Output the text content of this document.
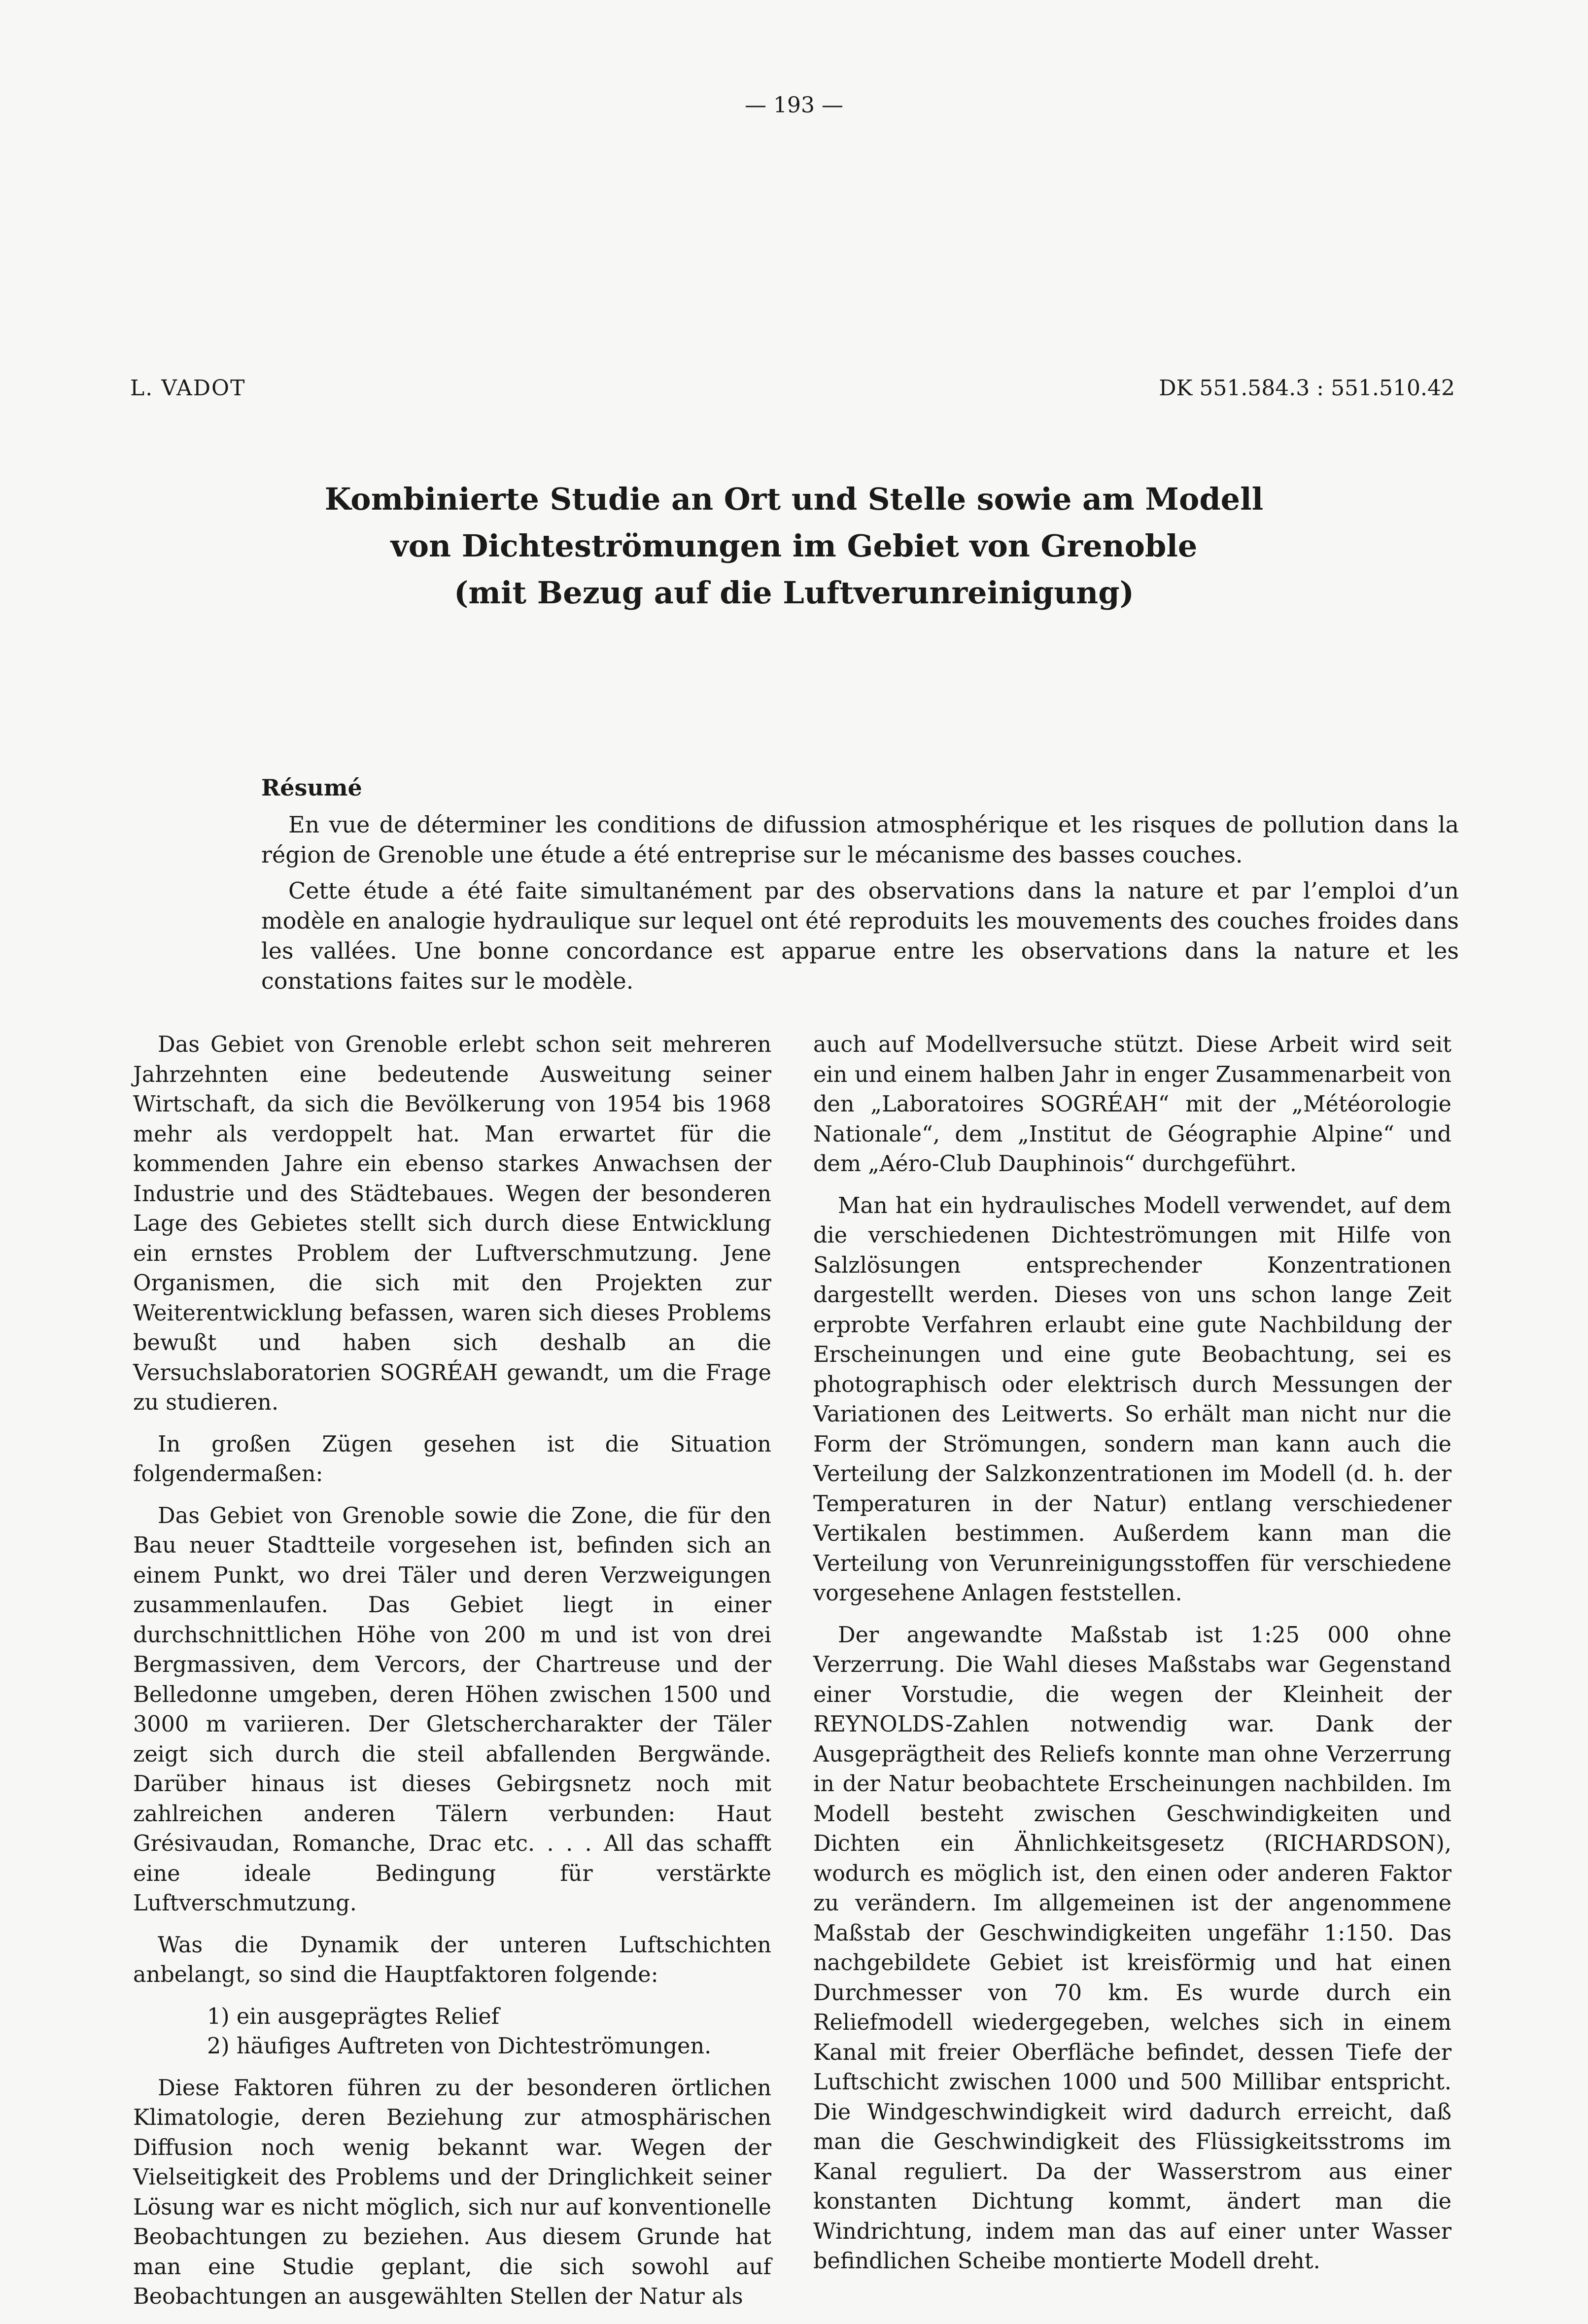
— 193 —
L. VADOT	DK 551.584.3 : 551.510.42
Kombinierte Studie an Ort und Stelle sowie am Modell
von Dichteströmungen im Gebiet von Grenoble
(mit Bezug auf die Luftverunreinigung)
Résumé

En vue de déterminer les conditions de difussion atmosphérique et les risques de pollution dans la région de Grenoble une étude a été entreprise sur le mécanisme des basses couches.

Cette étude a été faite simultanément par des observations dans la nature et par l’emploi d’un modèle en analogie hydraulique sur lequel ont été reproduits les mouvements des couches froides dans les vallées. Une bonne concordance est apparue entre les observations dans la nature et les constations faites sur le modèle.

Das Gebiet von Grenoble erlebt schon seit mehreren Jahrzehnten eine bedeutende Ausweitung seiner Wirtschaft, da sich die Bevölkerung von 1954 bis 1968 mehr als verdoppelt hat. Man erwartet für die kommenden Jahre ein ebenso starkes Anwachsen der Industrie und des Städtebaues. Wegen der besonderen Lage des Gebietes stellt sich durch diese Entwicklung ein ernstes Problem der Luftverschmutzung. Jene Organismen, die sich mit den Projekten zur Weiterentwicklung befassen, waren sich dieses Problems bewußt und haben sich deshalb an die Versuchslaboratorien SOGRÉAH gewandt, um die Frage zu studieren.

In großen Zügen gesehen ist die Situation folgendermaßen:

Das Gebiet von Grenoble sowie die Zone, die für den Bau neuer Stadtteile vorgesehen ist, befinden sich an einem Punkt, wo drei Täler und deren Verzweigungen zusammenlaufen. Das Gebiet liegt in einer durchschnittlichen Höhe von 200 m und ist von drei Bergmassiven, dem Vercors, der Chartreuse und der Belledonne umgeben, deren Höhen zwischen 1500 und 3000 m variieren. Der Gletschercharakter der Täler zeigt sich durch die steil abfallenden Bergwände. Darüber hinaus ist dieses Gebirgsnetz noch mit zahlreichen anderen Tälern verbunden: Haut Grésivaudan, Romanche, Drac etc. . . . All das schafft eine ideale Bedingung für verstärkte Luftverschmutzung.

Was die Dynamik der unteren Luftschichten anbelangt, so sind die Hauptfaktoren folgende:

1) ein ausgeprägtes Relief
2) häufiges Auftreten von Dichteströmungen.

Diese Faktoren führen zu der besonderen örtlichen Klimatologie, deren Beziehung zur atmosphärischen Diffusion noch wenig bekannt war. Wegen der Vielseitigkeit des Problems und der Dringlichkeit seiner Lösung war es nicht möglich, sich nur auf konventionelle Beobachtungen zu beziehen. Aus diesem Grunde hat man eine Studie geplant, die sich sowohl auf Beobachtungen an ausgewählten Stellen der Natur als

auch auf Modellversuche stützt. Diese Arbeit wird seit ein und einem halben Jahr in enger Zusammenarbeit von den „Laboratoires SOGRÉAH“ mit der „Météorologie Nationale“, dem „Institut de Géographie Alpine“ und dem „Aéro-Club Dauphinois“ durchgeführt.

Man hat ein hydraulisches Modell verwendet, auf dem die verschiedenen Dichteströmungen mit Hilfe von Salzlösungen entsprechender Konzentrationen dargestellt werden. Dieses von uns schon lange Zeit erprobte Verfahren erlaubt eine gute Nachbildung der Erscheinungen und eine gute Beobachtung, sei es photographisch oder elektrisch durch Messungen der Variationen des Leitwerts. So erhält man nicht nur die Form der Strömungen, sondern man kann auch die Verteilung der Salzkonzentrationen im Modell (d. h. der Temperaturen in der Natur) entlang verschiedener Vertikalen bestimmen. Außerdem kann man die Verteilung von Verunreinigungsstoffen für verschiedene vorgesehene Anlagen feststellen.

Der angewandte Maßstab ist 1:25 000 ohne Verzerrung. Die Wahl dieses Maßstabs war Gegenstand einer Vorstudie, die wegen der Kleinheit der REYNOLDS-Zahlen notwendig war. Dank der Ausgeprägtheit des Reliefs konnte man ohne Verzerrung in der Natur beobachtete Erscheinungen nachbilden. Im Modell besteht zwischen Geschwindigkeiten und Dichten ein Ähnlichkeitsgesetz (RICHARDSON), wodurch es möglich ist, den einen oder anderen Faktor zu verändern. Im allgemeinen ist der angenommene Maßstab der Geschwindigkeiten ungefähr 1:150. Das nachgebildete Gebiet ist kreisförmig und hat einen Durchmesser von 70 km. Es wurde durch ein Reliefmodell wiedergegeben, welches sich in einem Kanal mit freier Oberfläche befindet, dessen Tiefe der Luftschicht zwischen 1000 und 500 Millibar entspricht. Die Windgeschwindigkeit wird dadurch erreicht, daß man die Geschwindigkeit des Flüssigkeitsstroms im Kanal reguliert. Da der Wasserstrom aus einer konstanten Dichtung kommt, ändert man die Windrichtung, indem man das auf einer unter Wasser befindlichen Scheibe montierte Modell dreht.
